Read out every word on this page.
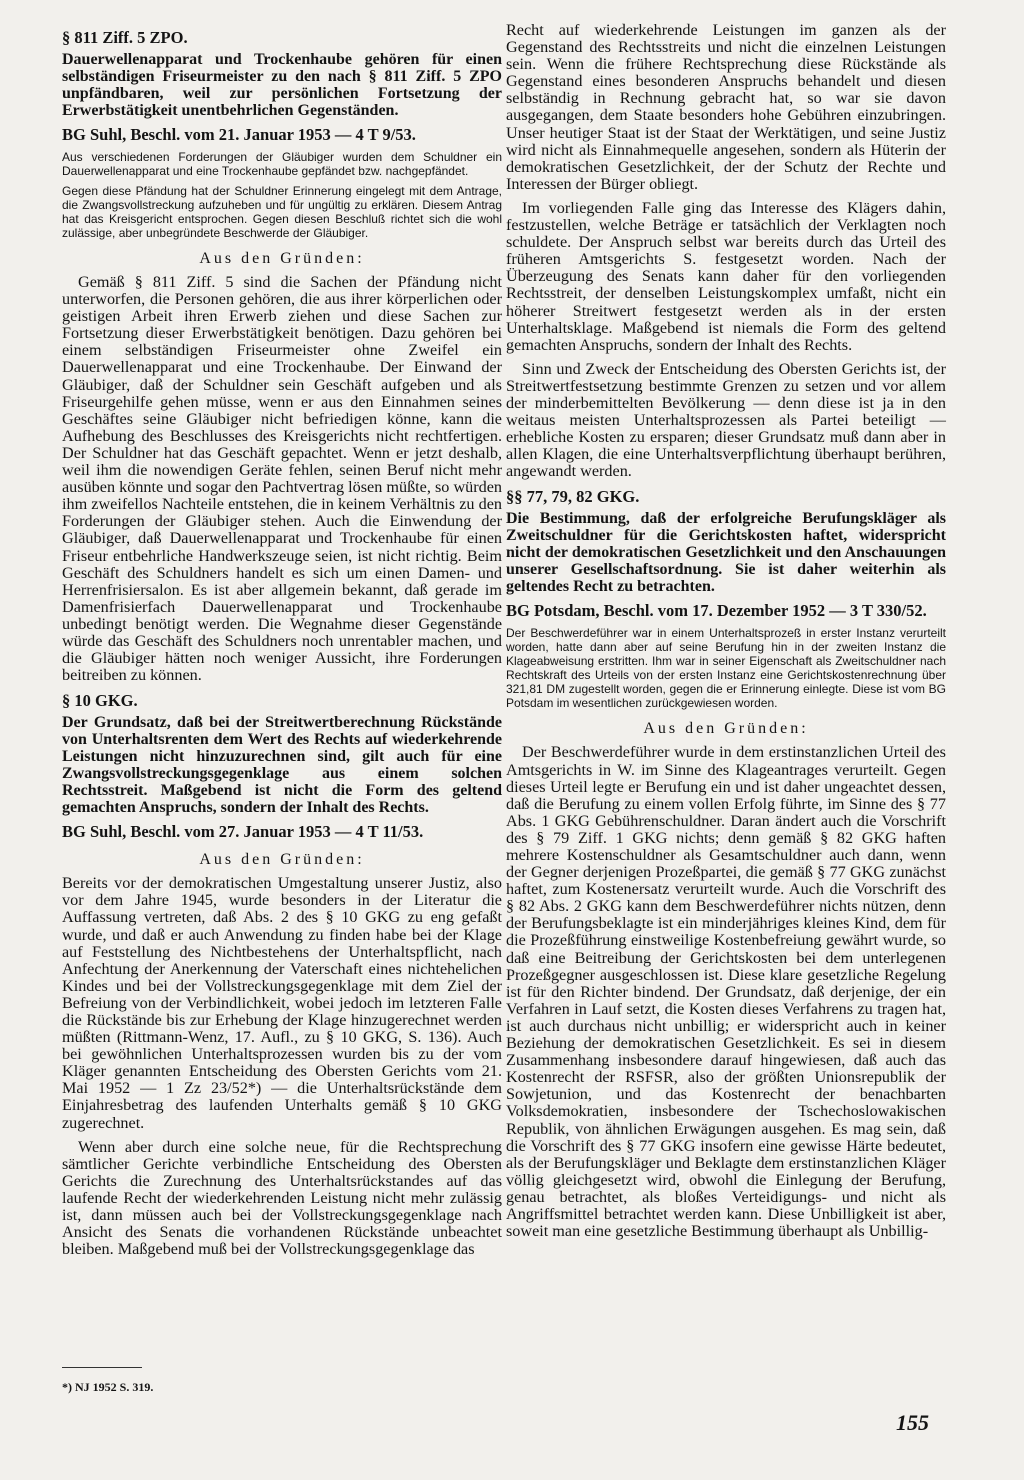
§ 811 Ziff. 5 ZPO.

Dauerwellenapparat und Trockenhaube gehören für einen selbständigen Friseurmeister zu den nach § 811 Ziff. 5 ZPO unpfändbaren, weil zur persönlichen Fortsetzung der Erwerbstätigkeit unentbehrlichen Gegenständen.

BG Suhl, Beschl. vom 21. Januar 1953 — 4 T 9/53.

Aus verschiedenen Forderungen der Gläubiger wurden dem Schuldner ein Dauerwellenapparat und eine Trockenhaube gepfändet bzw. nachgepfändet.

Gegen diese Pfändung hat der Schuldner Erinnerung eingelegt mit dem Antrage, die Zwangsvollstreckung aufzuheben und für ungültig zu erklären. Diesem Antrag hat das Kreisgericht entsprochen. Gegen diesen Beschluß richtet sich die wohl zulässige, aber unbegründete Beschwerde der Gläubiger.

Aus den Gründen:

Gemäß § 811 Ziff. 5 sind die Sachen der Pfändung nicht unterworfen, die Personen gehören, die aus ihrer körperlichen oder geistigen Arbeit ihren Erwerb ziehen und diese Sachen zur Fortsetzung dieser Erwerbstätigkeit benötigen. Dazu gehören bei einem selbständigen Friseurmeister ohne Zweifel ein Dauerwellenapparat und eine Trockenhaube. Der Einwand der Gläubiger, daß der Schuldner sein Geschäft aufgeben und als Friseurgehilfe gehen müsse, wenn er aus den Einnahmen seines Geschäftes seine Gläubiger nicht befriedigen könne, kann die Aufhebung des Beschlusses des Kreisgerichts nicht rechtfertigen. Der Schuldner hat das Geschäft gepachtet. Wenn er jetzt deshalb, weil ihm die nowendigen Geräte fehlen, seinen Beruf nicht mehr ausüben könnte und sogar den Pachtvertrag lösen müßte, so würden ihm zweifellos Nachteile entstehen, die in keinem Verhältnis zu den Forderungen der Gläubiger stehen. Auch die Einwendung der Gläubiger, daß Dauerwellenapparat und Trockenhaube für einen Friseur entbehrliche Handwerkszeuge seien, ist nicht richtig. Beim Geschäft des Schuldners handelt es sich um einen Damen- und Herrenfrisiersalon. Es ist aber allgemein bekannt, daß gerade im Damenfrisierfach Dauerwellenapparat und Trockenhaube unbedingt benötigt werden. Die Wegnahme dieser Gegenstände würde das Geschäft des Schuldners noch unrentabler machen, und die Gläubiger hätten noch weniger Aussicht, ihre Forderungen beitreiben zu können.

§ 10 GKG.

Der Grundsatz, daß bei der Streitwertberechnung Rückstände von Unterhaltsrenten dem Wert des Rechts auf wiederkehrende Leistungen nicht hinzuzurechnen sind, gilt auch für eine Zwangsvollstreckungsgegenklage aus einem solchen Rechtsstreit. Maßgebend ist nicht die Form des geltend gemachten Anspruchs, sondern der Inhalt des Rechts.

BG Suhl, Beschl. vom 27. Januar 1953 — 4 T 11/53.
Aus den Gründen:

Bereits vor der demokratischen Umgestaltung unserer Justiz, also vor dem Jahre 1945, wurde besonders in der Literatur die Auffassung vertreten, daß Abs. 2 des § 10 GKG zu eng gefaßt wurde, und daß er auch Anwendung zu finden habe bei der Klage auf Feststellung des Nichtbestehens der Unterhaltspflicht, nach Anfechtung der Anerkennung der Vaterschaft eines nichtehelichen Kindes und bei der Vollstreckungsgegenklage mit dem Ziel der Befreiung von der Verbindlichkeit, wobei jedoch im letzteren Falle die Rückstände bis zur Erhebung der Klage hinzugerechnet werden müßten (Rittmann-Wenz, 17. Aufl., zu § 10 GKG, S. 136). Auch bei gewöhnlichen Unterhaltsprozessen wurden bis zu der vom Kläger genannten Entscheidung des Obersten Gerichts vom 21. Mai 1952 — 1 Zz 23/52*) — die Unterhaltsrückstände dem Einjahresbetrag des laufenden Unterhalts gemäß § 10 GKG zugerechnet.

Wenn aber durch eine solche neue, für die Rechtsprechung sämtlicher Gerichte verbindliche Entscheidung des Obersten Gerichts die Zurechnung des Unterhaltsrückstandes auf das laufende Recht der wiederkehrenden Leistung nicht mehr zulässig ist, dann müssen auch bei der Vollstreckungsgegenklage nach Ansicht des Senats die vorhandenen Rückstände unbeachtet bleiben. Maßgebend muß bei der Vollstreckungsgegenklage das

Recht auf wiederkehrende Leistungen im ganzen als der Gegenstand des Rechtsstreits und nicht die einzelnen Leistungen sein. Wenn die frühere Rechtsprechung diese Rückstände als Gegenstand eines besonderen Anspruchs behandelt und diesen selbständig in Rechnung gebracht hat, so war sie davon ausgegangen, dem Staate besonders hohe Gebühren einzubringen. Unser heutiger Staat ist der Staat der Werktätigen, und seine Justiz wird nicht als Einnahmequelle angesehen, sondern als Hüterin der demokratischen Gesetzlichkeit, der der Schutz der Rechte und Interessen der Bürger obliegt.

Im vorliegenden Falle ging das Interesse des Klägers dahin, festzustellen, welche Beträge er tatsächlich der Verklagten noch schuldete. Der Anspruch selbst war bereits durch das Urteil des früheren Amtsgerichts S. festgesetzt worden. Nach der Überzeugung des Senats kann daher für den vorliegenden Rechtsstreit, der denselben Leistungskomplex umfaßt, nicht ein höherer Streitwert festgesetzt werden als in der ersten Unterhaltsklage. Maßgebend ist niemals die Form des geltend gemachten Anspruchs, sondern der Inhalt des Rechts.

Sinn und Zweck der Entscheidung des Obersten Gerichts ist, der Streitwertfestsetzung bestimmte Grenzen zu setzen und vor allem der minderbemittelten Bevölkerung — denn diese ist ja in den weitaus meisten Unterhaltsprozessen als Partei beteiligt — erhebliche Kosten zu ersparen; dieser Grundsatz muß dann aber in allen Klagen, die eine Unterhaltsverpflichtung überhaupt berühren, angewandt werden.

§§ 77, 79, 82 GKG.

Die Bestimmung, daß der erfolgreiche Berufungskläger als Zweitschuldner für die Gerichtskosten haftet, widerspricht nicht der demokratischen Gesetzlichkeit und den Anschauungen unserer Gesellschaftsordnung. Sie ist daher weiterhin als geltendes Recht zu betrachten.

BG Potsdam, Beschl. vom 17. Dezember 1952 — 3 T 330/52.

Der Beschwerdeführer war in einem Unterhaltsprozeß in erster Instanz verurteilt worden, hatte dann aber auf seine Berufung hin in der zweiten Instanz die Klageabweisung erstritten. Ihm war in seiner Eigenschaft als Zweitschuldner nach Rechtskraft des Urteils von der ersten Instanz eine Gerichtskostenrechnung über 321,81 DM zugestellt worden, gegen die er Erinnerung einlegte. Diese ist vom BG Potsdam im wesentlichen zurückgewiesen worden.

Aus den Gründen:

Der Beschwerdeführer wurde in dem erstinstanzlichen Urteil des Amtsgerichts in W. im Sinne des Klageantrages verurteilt. Gegen dieses Urteil legte er Berufung ein und ist daher ungeachtet dessen, daß die Berufung zu einem vollen Erfolg führte, im Sinne des § 77 Abs. 1 GKG Gebührenschuldner. Daran ändert auch die Vorschrift des § 79 Ziff. 1 GKG nichts; denn gemäß § 82 GKG haften mehrere Kostenschuldner als Gesamtschuldner auch dann, wenn der Gegner derjenigen Prozeßpartei, die gemäß § 77 GKG zunächst haftet, zum Kostenersatz verurteilt wurde. Auch die Vorschrift des § 82 Abs. 2 GKG kann dem Beschwerdeführer nichts nützen, denn der Berufungsbeklagte ist ein minderjähriges kleines Kind, dem für die Prozeßführung einstweilige Kostenbefreiung gewährt wurde, so daß eine Beitreibung der Gerichtskosten bei dem unterlegenen Prozeßgegner ausgeschlossen ist. Diese klare gesetzliche Regelung ist für den Richter bindend. Der Grundsatz, daß derjenige, der ein Verfahren in Lauf setzt, die Kosten dieses Verfahrens zu tragen hat, ist auch durchaus nicht unbillig; er widerspricht auch in keiner Beziehung der demokratischen Gesetzlichkeit. Es sei in diesem Zusammenhang insbesondere darauf hingewiesen, daß auch das Kostenrecht der RSFSR, also der größten Unionsrepublik der Sowjetunion, und das Kostenrecht der benachbarten Volksdemokratien, insbesondere der Tschechoslowakischen Republik, von ähnlichen Erwägungen ausgehen. Es mag sein, daß die Vorschrift des § 77 GKG insofern eine gewisse Härte bedeutet, als der Berufungskläger und Beklagte dem erstinstanzlichen Kläger völlig gleichgesetzt wird, obwohl die Einlegung der Berufung, genau betrachtet, als bloßes Verteidigungs- und nicht als Angriffsmittel betrachtet werden kann. Diese Unbilligkeit ist aber, soweit man eine gesetzliche Bestimmung überhaupt als Unbillig-

*) NJ 1952 S. 319.
155
